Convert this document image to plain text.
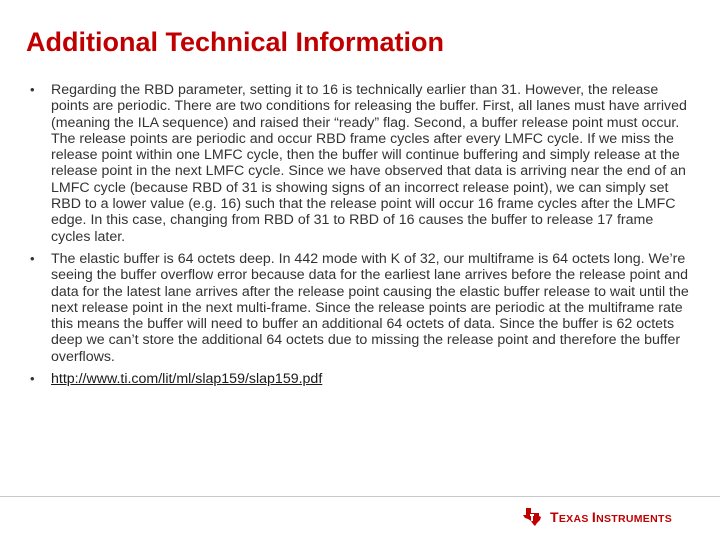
Additional Technical Information
• Regarding the RBD parameter, setting it to 16 is technically earlier than 31. However, the release points are periodic. There are two conditions for releasing the buffer. First, all lanes must have arrived (meaning the ILA sequence) and raised their “ready” flag. Second, a buffer release point must occur. The release points are periodic and occur RBD frame cycles after every LMFC cycle. If we miss the release point within one LMFC cycle, then the buffer will continue buffering and simply release at the release point in the next LMFC cycle. Since we have observed that data is arriving near the end of an LMFC cycle (because RBD of 31 is showing signs of an incorrect release point), we can simply set RBD to a lower value (e.g. 16) such that the release point will occur 16 frame cycles after the LMFC edge. In this case, changing from RBD of 31 to RBD of 16 causes the buffer to release 17 frame cycles later.
• The elastic buffer is 64 octets deep. In 442 mode with K of 32, our multiframe is 64 octets long. We’re seeing the buffer overflow error because data for the earliest lane arrives before the release point and data for the latest lane arrives after the release point causing the elastic buffer release to wait until the next release point in the next multi-frame. Since the release points are periodic at the multiframe rate this means the buffer will need to buffer an additional 64 octets of data. Since the buffer is 62 octets deep we can’t store the additional 64 octets due to missing the release point and therefore the buffer overflows.
• http://www.ti.com/lit/ml/slap159/slap159.pdf
TEXAS INSTRUMENTS
